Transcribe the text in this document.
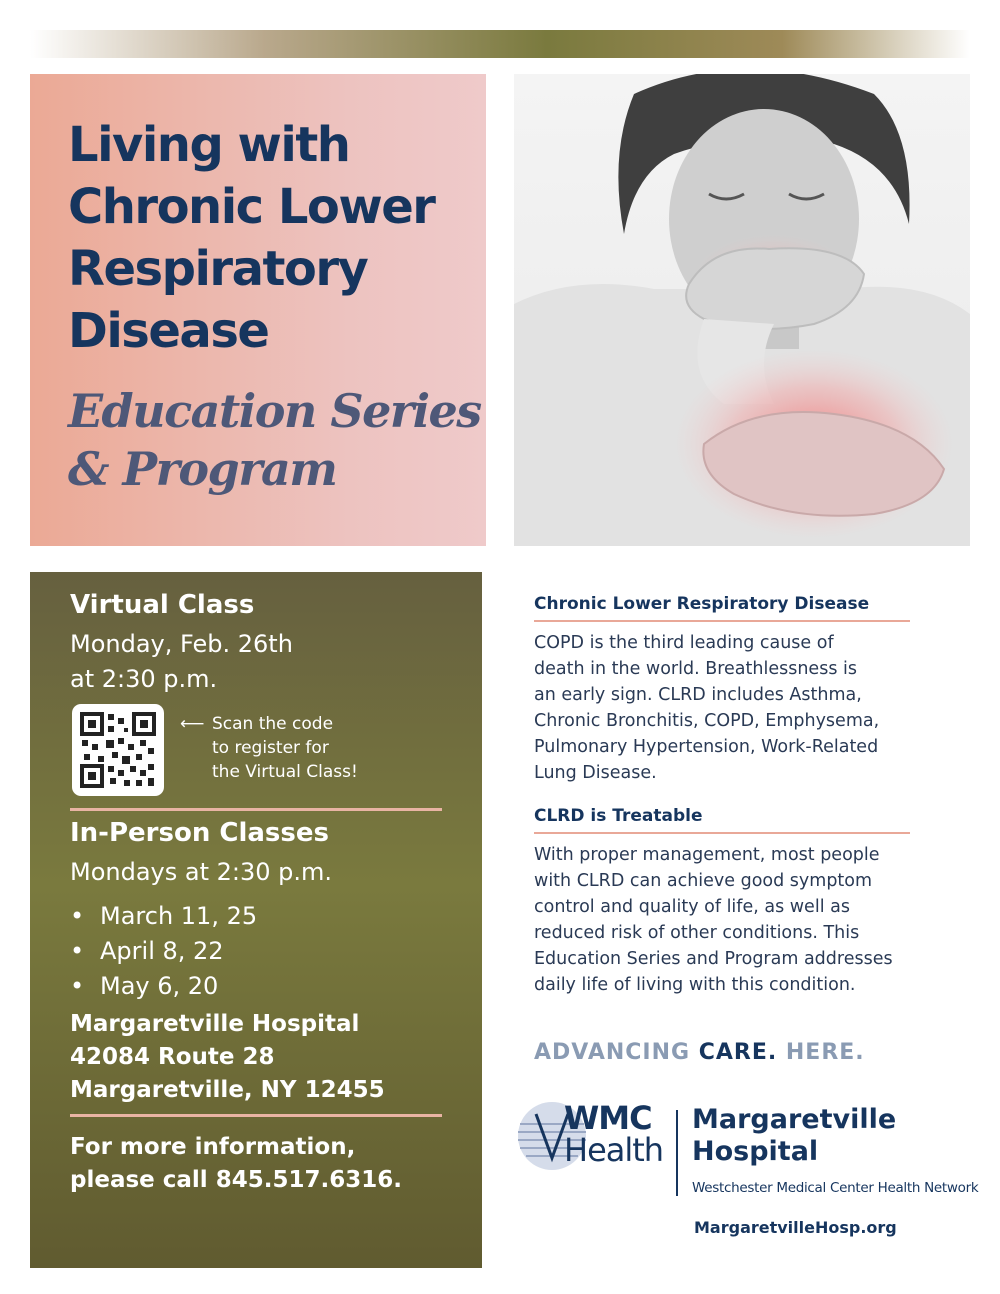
Living with
Chronic Lower
Respiratory
Disease
Education Series
& Program
Virtual Class

Monday, Feb. 26th

at 2:30 p.m.

⟵ Scan the code
to register for
the Virtual Class!
In-Person Classes

Mondays at 2:30 p.m.

• March 11, 25
• April 8, 22
• May 6, 20

Margaretville Hospital

42084 Route 28

Margaretville, NY 12455

For more information,

please call 845.517.6316.

Chronic Lower Respiratory Disease

COPD is the third leading cause of
death in the world. Breathlessness is
an early sign. CLRD includes Asthma,
Chronic Bronchitis, COPD, Emphysema,
Pulmonary Hypertension, Work-Related
Lung Disease.

CLRD is Treatable

With proper management, most people
with CLRD can achieve good symptom
control and quality of life, as well as
reduced risk of other conditions. This
Education Series and Program addresses
daily life of living with this condition.

ADVANCING CARE. HERE.

WMC
Health
Margaretville
Hospital
Westchester Medical Center Health Network
MargaretvilleHosp.org
